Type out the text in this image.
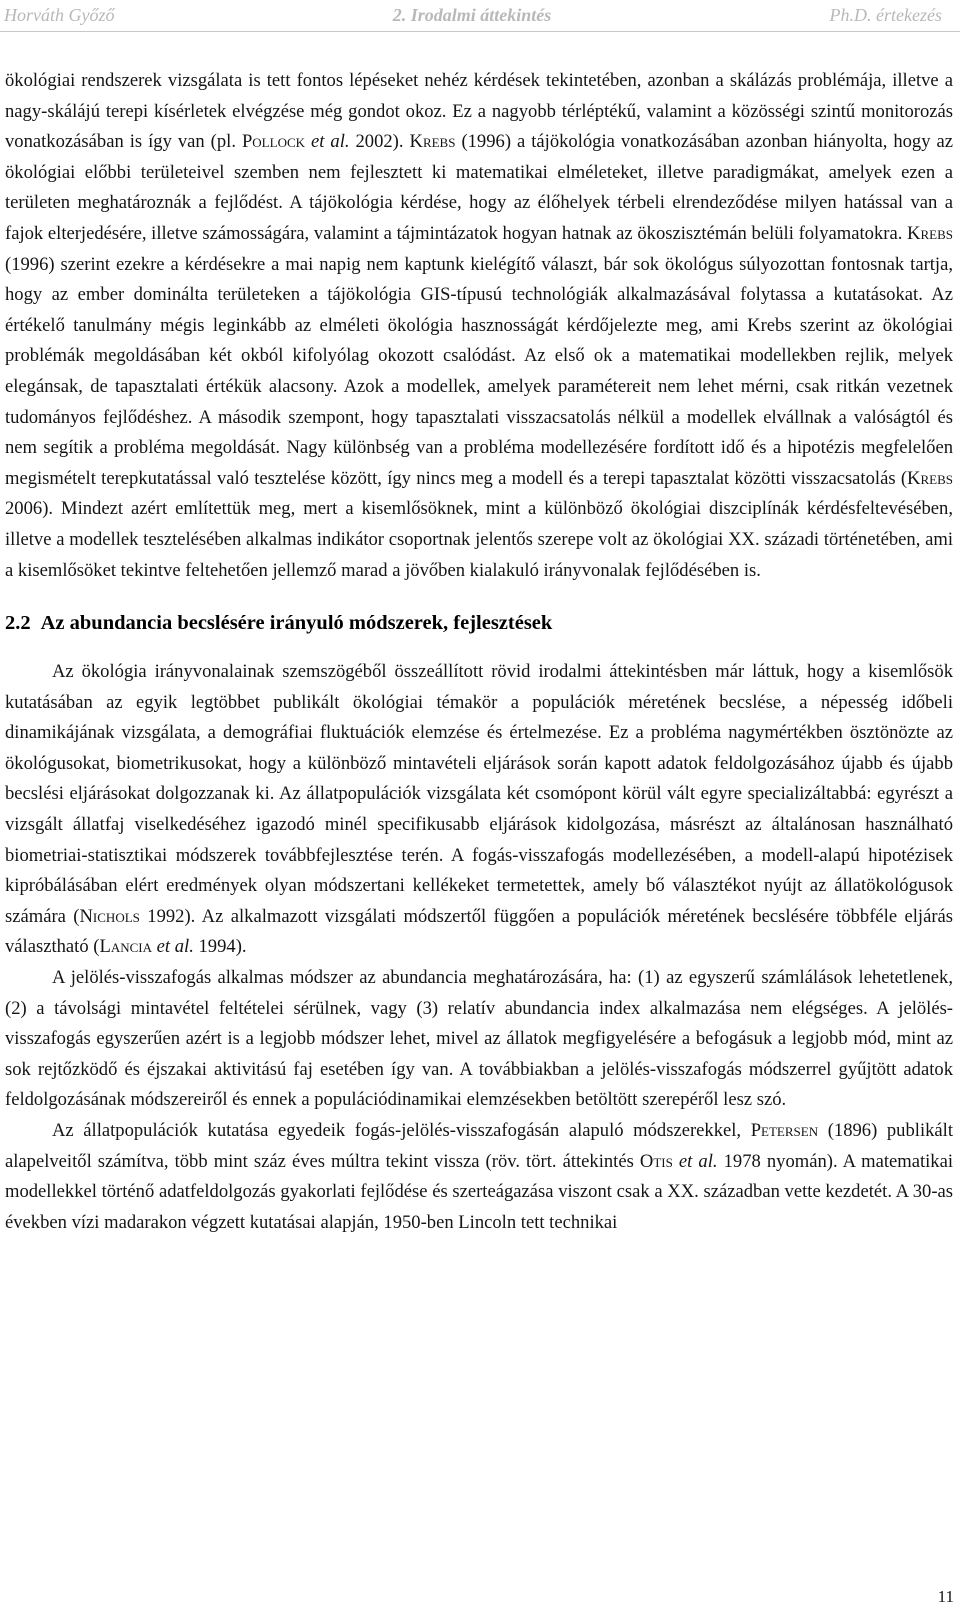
Horváth Győző	2. Irodalmi áttekintés	Ph.D. értekezés

ökológiai rendszerek vizsgálata is tett fontos lépéseket nehéz kérdések tekintetében, azonban a skálázás problémája, illetve a nagy-skálájú terepi kísérletek elvégzése még gondot okoz. Ez a nagyobb térléptékű, valamint a közösségi szintű monitorozás vonatkozásában is így van (pl. Pollock et al. 2002). Krebs (1996) a tájökológia vonatkozásában azonban hiányolta, hogy az ökológiai előbbi területeivel szemben nem fejlesztett ki matematikai elméleteket, illetve paradigmákat, amelyek ezen a területen meghatároznák a fejlődést. A tájökológia kérdése, hogy az élőhelyek térbeli elrendeződése milyen hatással van a fajok elterjedésére, illetve számosságára, valamint a tájmintázatok hogyan hatnak az ökoszisztémán belüli folyamatokra. Krebs (1996) szerint ezekre a kérdésekre a mai napig nem kaptunk kielégítő választ, bár sok ökológus súlyozottan fontosnak tartja, hogy az ember dominálta területeken a tájökológia GIS-típusú technológiák alkalmazásával folytassa a kutatásokat. Az értékelő tanulmány mégis leginkább az elméleti ökológia hasznosságát kérdőjelezte meg, ami Krebs szerint az ökológiai problémák megoldásában két okból kifolyólag okozott csalódást. Az első ok a matematikai modellekben rejlik, melyek elegánsak, de tapasztalati értékük alacsony. Azok a modellek, amelyek paramétereit nem lehet mérni, csak ritkán vezetnek tudományos fejlődéshez. A második szempont, hogy tapasztalati visszacsatolás nélkül a modellek elvállnak a valóságtól és nem segítik a probléma megoldását. Nagy különbség van a probléma modellezésére fordított idő és a hipotézis megfelelően megismételt terepkutatással való tesztelése között, így nincs meg a modell és a terepi tapasztalat közötti visszacsatolás (Krebs 2006). Mindezt azért említettük meg, mert a kisemlősöknek, mint a különböző ökológiai diszciplínák kérdésfeltevésében, illetve a modellek tesztelésében alkalmas indikátor csoportnak jelentős szerepe volt az ökológiai XX. századi történetében, ami a kisemlősöket tekintve feltehetően jellemző marad a jövőben kialakuló irányvonalak fejlődésében is.

2.2 Az abundancia becslésére irányuló módszerek, fejlesztések

Az ökológia irányvonalainak szemszögéből összeállított rövid irodalmi áttekintésben már láttuk, hogy a kisemlősök kutatásában az egyik legtöbbet publikált ökológiai témakör a populációk méretének becslése, a népesség időbeli dinamikájának vizsgálata, a demográfiai fluktuációk elemzése és értelmezése. Ez a probléma nagymértékben ösztönözte az ökológusokat, biometrikusokat, hogy a különböző mintavételi eljárások során kapott adatok feldolgozásához újabb és újabb becslési eljárásokat dolgozzanak ki. Az állatpopulációk vizsgálata két csomópont körül vált egyre specializáltabbá: egyrészt a vizsgált állatfaj viselkedéséhez igazodó minél specifikusabb eljárások kidolgozása, másrészt az általánosan használható biometriai-statisztikai módszerek továbbfejlesztése terén. A fogás-visszafogás modellezésében, a modell-alapú hipotézisek kipróbálásában elért eredmények olyan módszertani kellékeket termetettek, amely bő választékot nyújt az állatökológusok számára (Nichols 1992). Az alkalmazott vizsgálati módszertől függően a populációk méretének becslésére többféle eljárás választható (Lancia et al. 1994).

A jelölés-visszafogás alkalmas módszer az abundancia meghatározására, ha: (1) az egyszerű számlálások lehetetlenek, (2) a távolsági mintavétel feltételei sérülnek, vagy (3) relatív abundancia index alkalmazása nem elégséges. A jelölés-visszafogás egyszerűen azért is a legjobb módszer lehet, mivel az állatok megfigyelésére a befogásuk a legjobb mód, mint az sok rejtőzködő és éjszakai aktivitású faj esetében így van. A továbbiakban a jelölés-visszafogás módszerrel gyűjtött adatok feldolgozásának módszereiről és ennek a populációdinamikai elemzésekben betöltött szerepéről lesz szó.

Az állatpopulációk kutatása egyedeik fogás-jelölés-visszafogásán alapuló módszerekkel, Petersen (1896) publikált alapelveitől számítva, több mint száz éves múltra tekint vissza (röv. tört. áttekintés Otis et al. 1978 nyomán). A matematikai modellekkel történő adatfeldolgozás gyakorlati fejlődése és szerteágazása viszont csak a XX. században vette kezdetét. A 30-as években vízi madarakon végzett kutatásai alapján, 1950-ben Lincoln tett technikai

11
